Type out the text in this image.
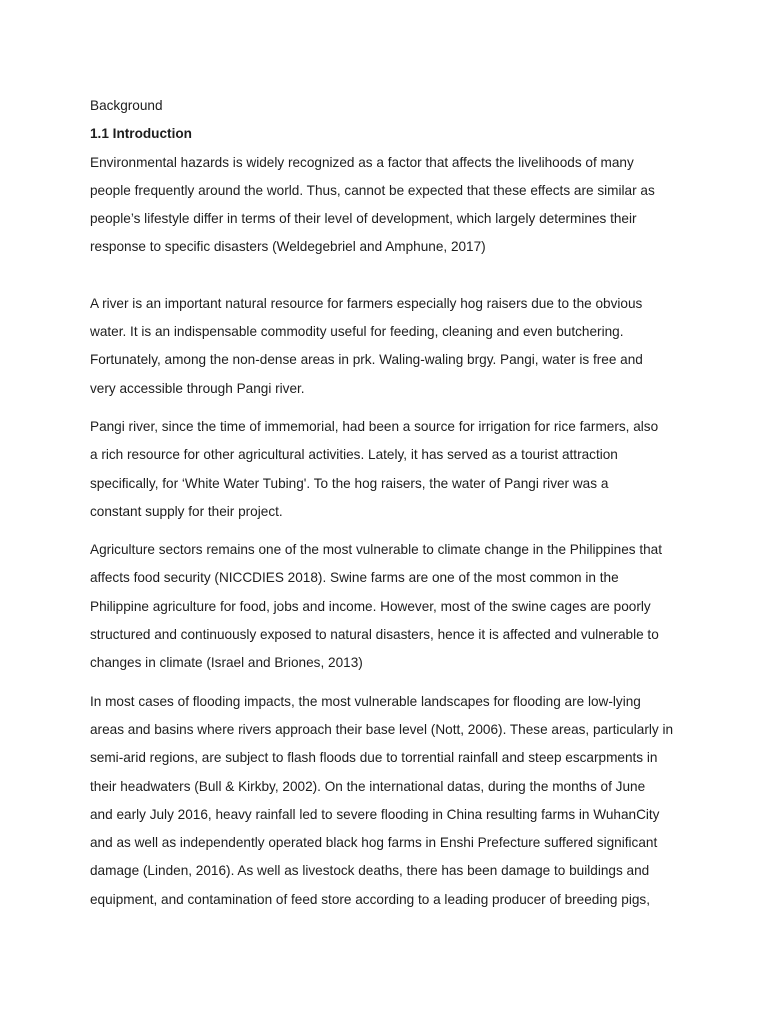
Background
1.1 Introduction

Environmental hazards is widely recognized as a factor that affects the livelihoods of many
people frequently around the world. Thus, cannot be expected that these effects are similar as
people’s lifestyle differ in terms of their level of development, which largely determines their
response to specific disasters (Weldegebriel and Amphune, 2017)

A river is an important natural resource for farmers especially hog raisers due to the obvious
water. It is an indispensable commodity useful for feeding, cleaning and even butchering.
Fortunately, among the non-dense areas in prk. Waling-waling brgy. Pangi, water is free and
very accessible through Pangi river.

Pangi river, since the time of immemorial, had been a source for irrigation for rice farmers, also
a rich resource for other agricultural activities. Lately, it has served as a tourist attraction
specifically, for ‘White Water Tubing'. To the hog raisers, the water of Pangi river was a
constant supply for their project.

Agriculture sectors remains one of the most vulnerable to climate change in the Philippines that
affects food security (NICCDIES 2018). Swine farms are one of the most common in the
Philippine agriculture for food, jobs and income. However, most of the swine cages are poorly
structured and continuously exposed to natural disasters, hence it is affected and vulnerable to
changes in climate (Israel and Briones, 2013)

In most cases of flooding impacts, the most vulnerable landscapes for flooding are low-lying
areas and basins where rivers approach their base level (Nott, 2006). These areas, particularly in
semi-arid regions, are subject to flash floods due to torrential rainfall and steep escarpments in
their headwaters (Bull & Kirkby, 2002). On the international datas, during the months of June
and early July 2016, heavy rainfall led to severe flooding in China resulting farms in WuhanCity
and as well as independently operated black hog farms in Enshi Prefecture suffered significant
damage (Linden, 2016). As well as livestock deaths, there has been damage to buildings and
equipment, and contamination of feed store according to a leading producer of breeding pigs,
